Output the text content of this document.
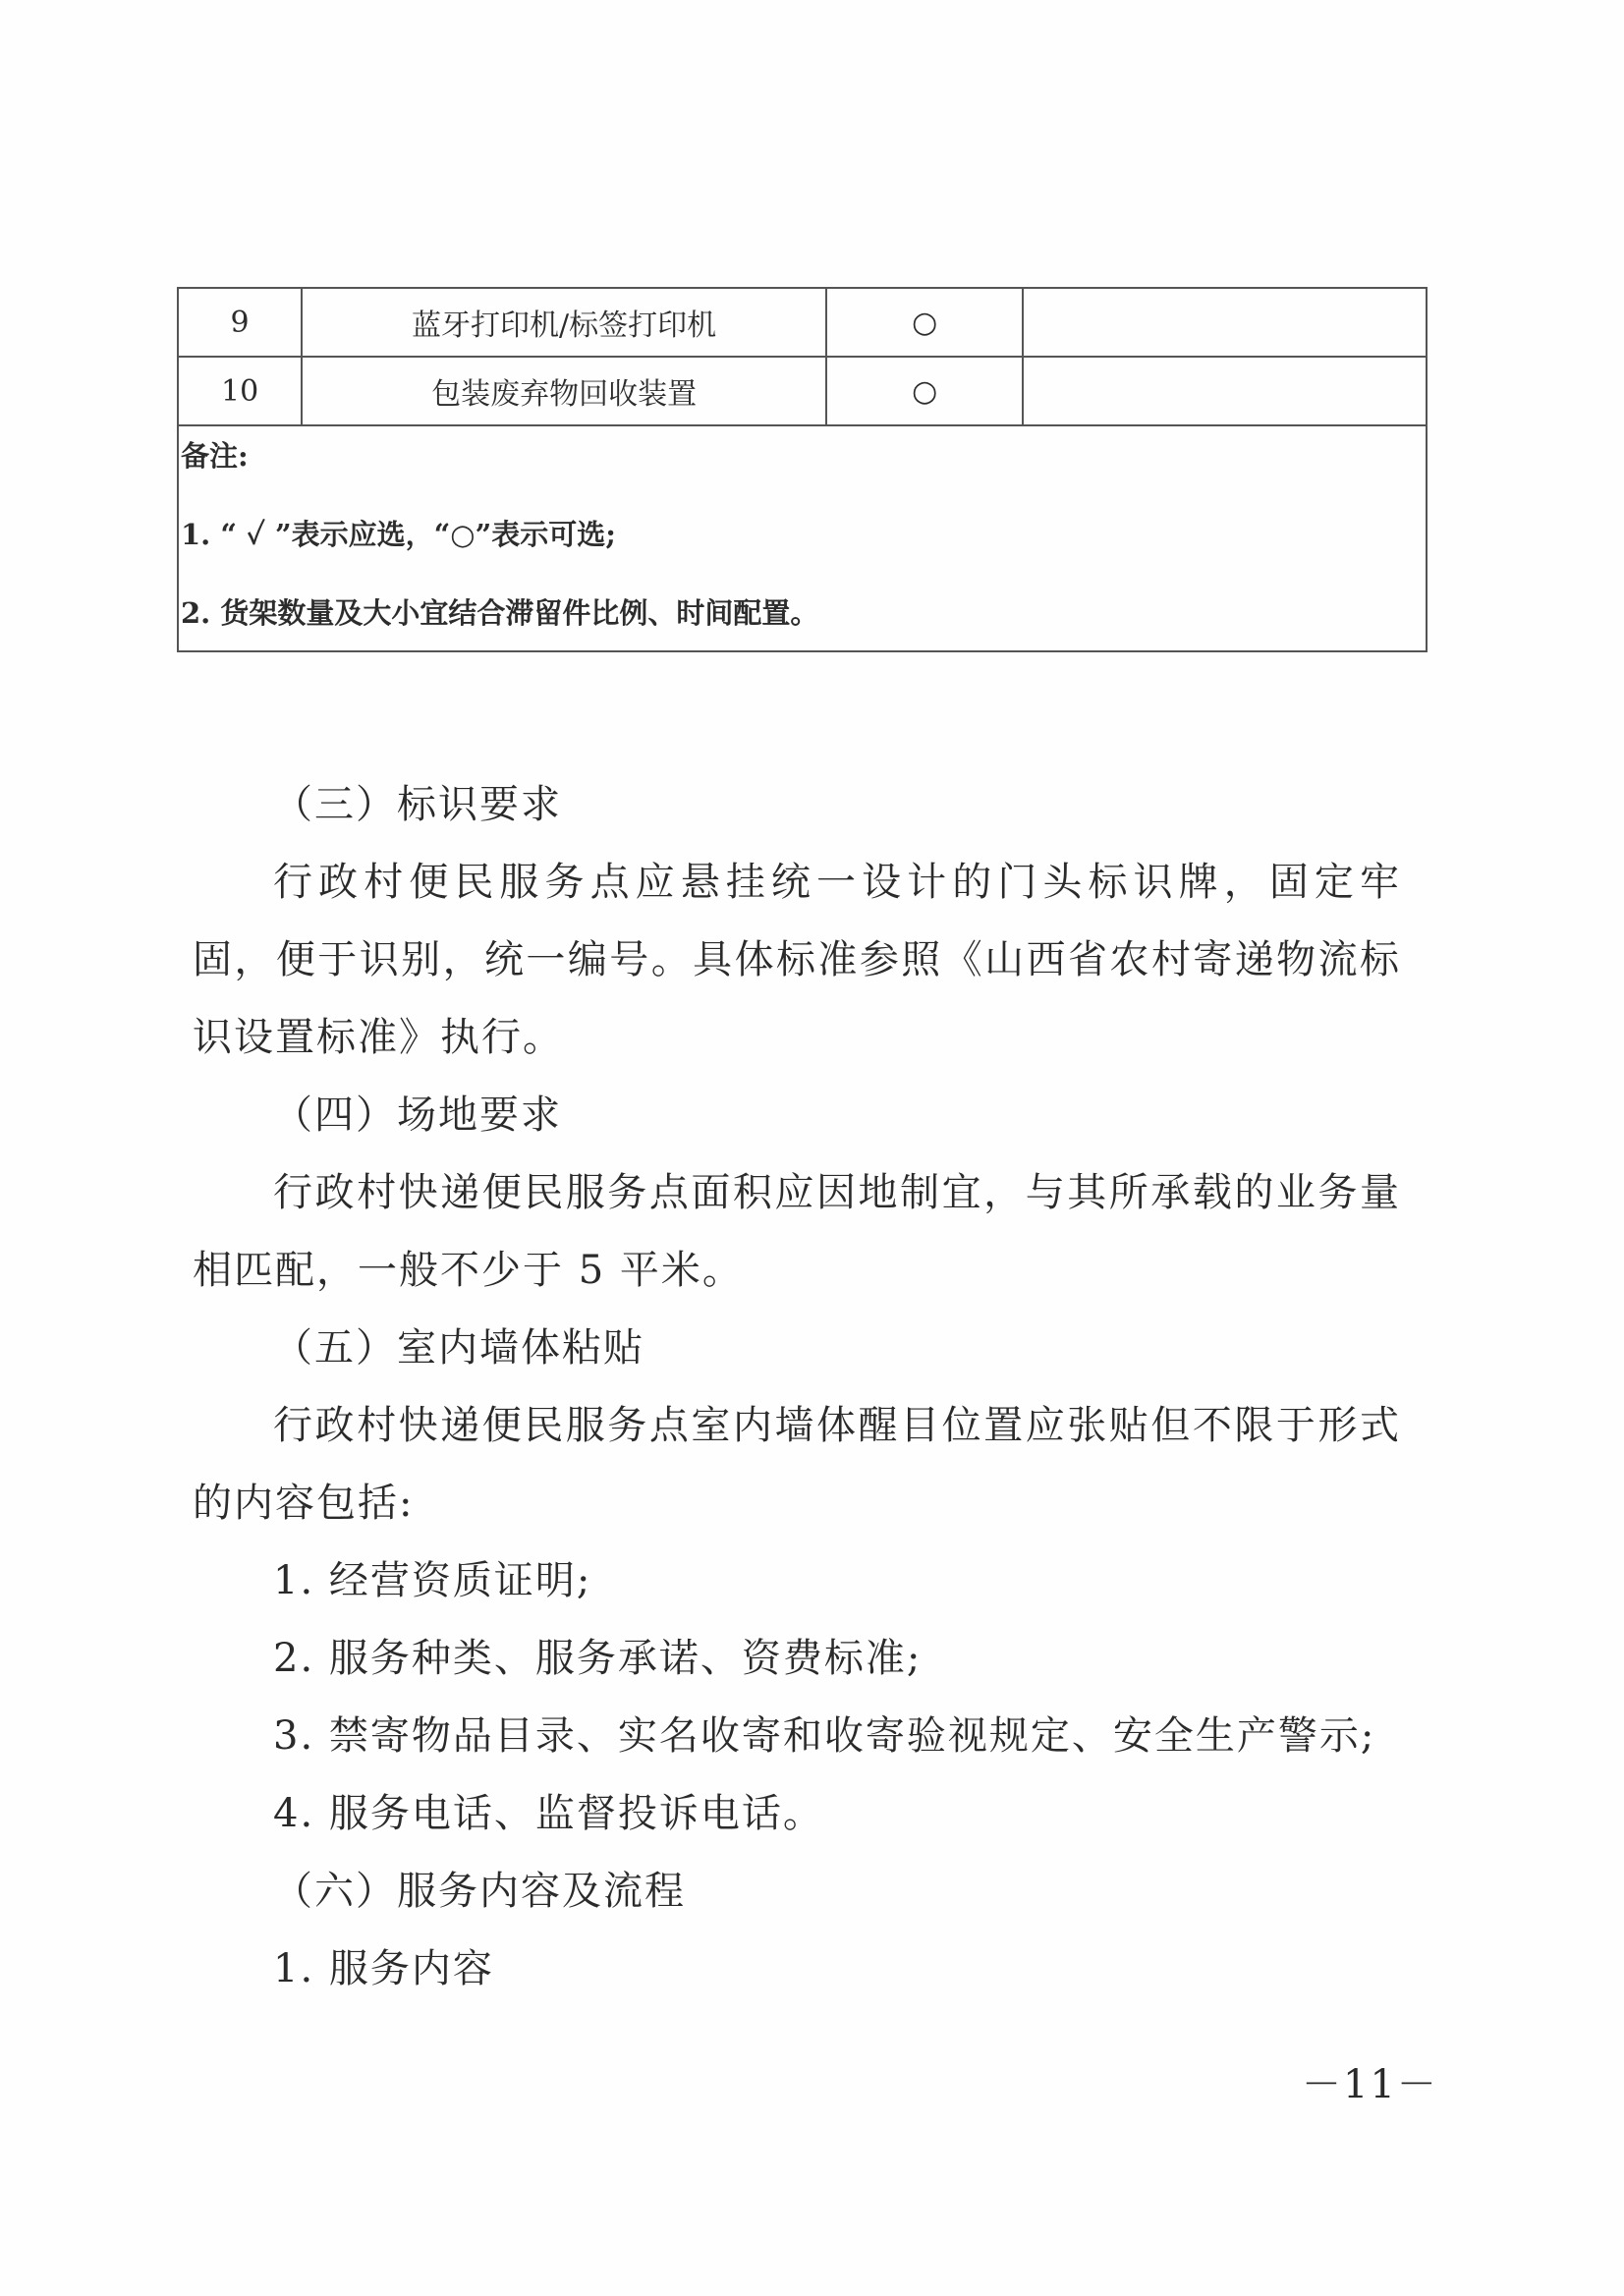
9	蓝牙打印机/标签打印机	○	
10	包装废弃物回收装置	○	

备注:
1. “ ✓ ”表示应选，“○”表示可选;
2. 货架数量及大小宜结合滞留件比例、时间配置。			

（三）标识要求

行政村便民服务点应悬挂统一设计的门头标识牌，固定牢 固，便于识别，统一编号。具体标准参照《山西省农村寄递物流标识设置标准》执行。

（四）场地要求

行政村快递便民服务点面积应因地制宜，与其所承载的业务量相匹配，一般不少于 5 平米。

（五）室内墙体粘贴

行政村快递便民服务点室内墙体醒目位置应张贴但不限于形式的内容包括:

1. 经营资质证明;

2. 服务种类、服务承诺、资费标准;

3. 禁寄物品目录、实名收寄和收寄验视规定、安全生产警示;

4. 服务电话、监督投诉电话。

（六）服务内容及流程

1. 服务内容

－11－
